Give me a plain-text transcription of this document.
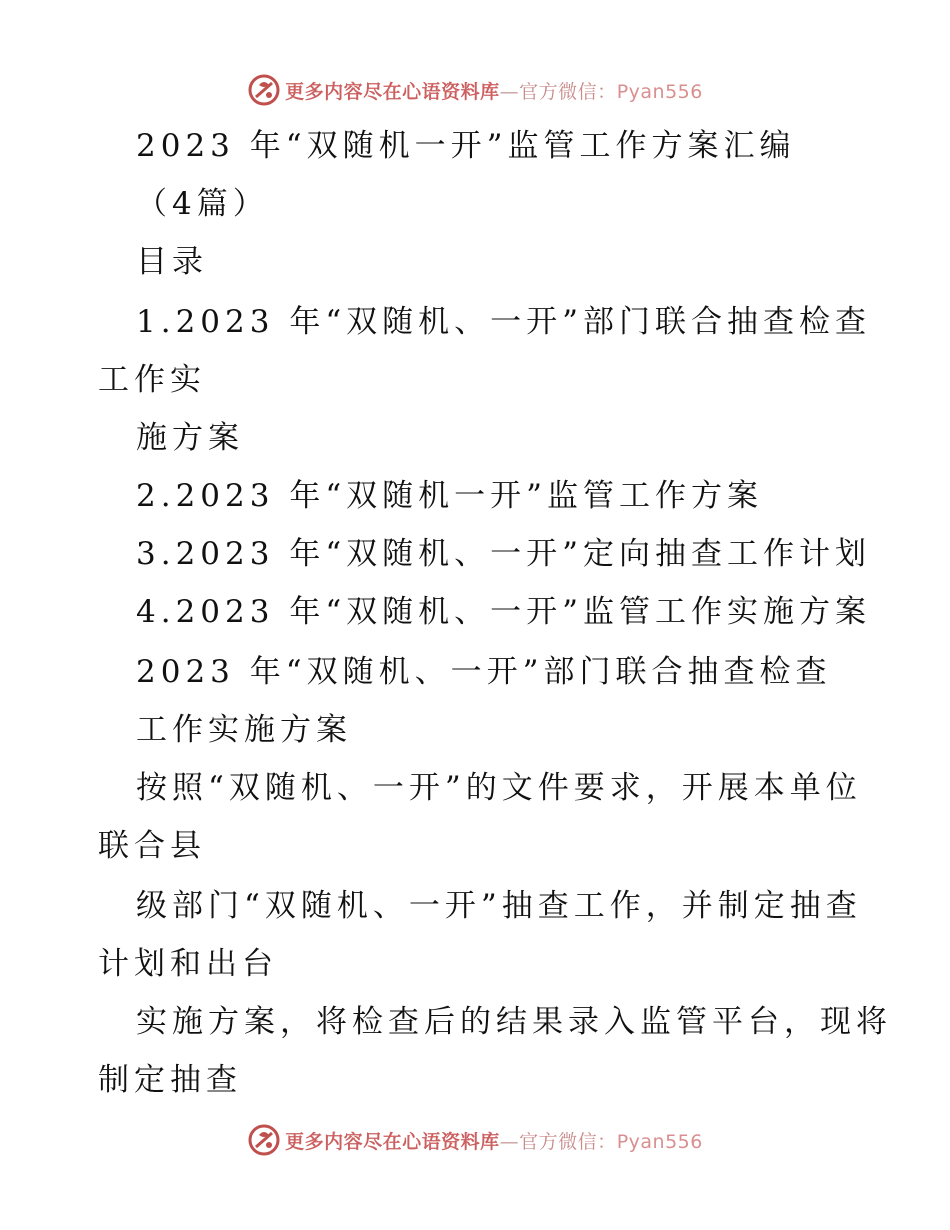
更多内容尽在心语资料库—官方微信：Pyan556
2023 年“双随机一开”监管工作方案汇编
（4篇）
目录
1.2023 年“双随机、一开”部门联合抽查检查
工作实
施方案
2.2023 年“双随机一开”监管工作方案
3.2023 年“双随机、一开”定向抽查工作计划
4.2023 年“双随机、一开”监管工作实施方案
2023 年“双随机、一开”部门联合抽查检查
工作实施方案
按照“双随机、一开”的文件要求，开展本单位
联合县
级部门“双随机、一开”抽查工作，并制定抽查
计划和出台
实施方案，将检查后的结果录入监管平台，现将
制定抽查
更多内容尽在心语资料库—官方微信：Pyan556
